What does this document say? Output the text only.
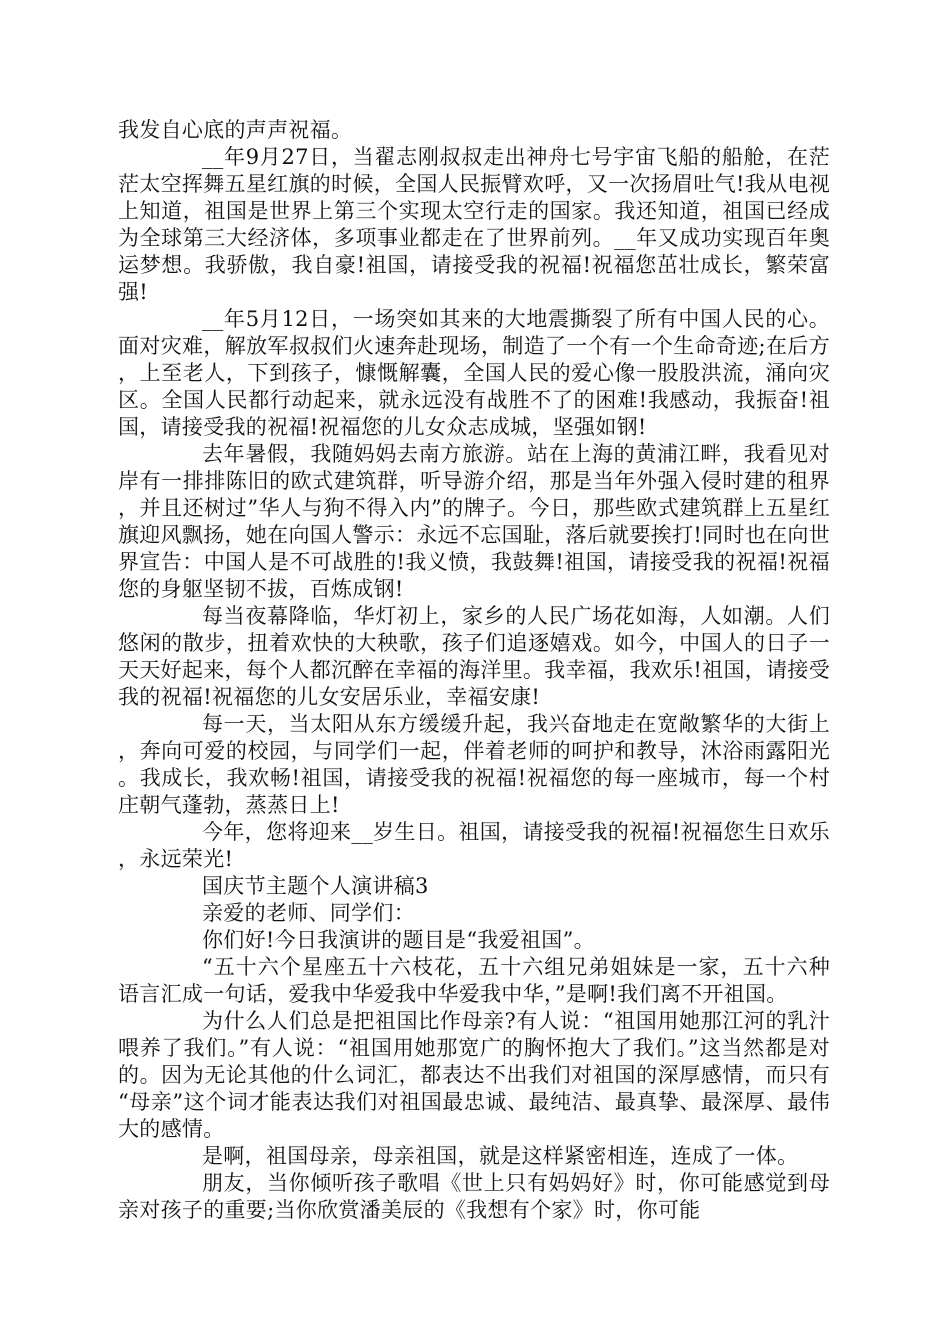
我发自心底的声声祝福。

__年9月27日，当翟志刚叔叔走出神舟七号宇宙飞船的船舱，在茫茫太空挥舞五星红旗的时候，全国人民振臂欢呼，又一次扬眉吐气!我从电视上知道，祖国是世界上第三个实现太空行走的国家。我还知道，祖国已经成为全球第三大经济体，多项事业都走在了世界前列。__年又成功实现百年奥运梦想。我骄傲，我自豪!祖国，请接受我的祝福!祝福您茁壮成长，繁荣富强!

__年5月12日，一场突如其来的大地震撕裂了所有中国人民的心。面对灾难，解放军叔叔们火速奔赴现场，制造了一个有一个生命奇迹;在后方，上至老人，下到孩子，慷慨解囊，全国人民的爱心像一股股洪流，涌向灾区。全国人民都行动起来，就永远没有战胜不了的困难!我感动，我振奋!祖国，请接受我的祝福!祝福您的儿女众志成城，坚强如钢!

去年暑假，我随妈妈去南方旅游。站在上海的黄浦江畔，我看见对岸有一排排陈旧的欧式建筑群，听导游介绍，那是当年外强入侵时建的租界，并且还树过”华人与狗不得入内”的牌子。今日，那些欧式建筑群上五星红旗迎风飘扬，她在向国人警示：永远不忘国耻，落后就要挨打!同时也在向世界宣告：中国人是不可战胜的!我义愤，我鼓舞!祖国，请接受我的祝福!祝福您的身躯坚韧不拔，百炼成钢!

每当夜幕降临，华灯初上，家乡的人民广场花如海，人如潮。人们悠闲的散步，扭着欢快的大秧歌，孩子们追逐嬉戏。如今，中国人的日子一天天好起来，每个人都沉醉在幸福的海洋里。我幸福，我欢乐!祖国，请接受我的祝福!祝福您的儿女安居乐业，幸福安康!

每一天，当太阳从东方缓缓升起，我兴奋地走在宽敞繁华的大街上，奔向可爱的校园，与同学们一起，伴着老师的呵护和教导，沐浴雨露阳光。我成长，我欢畅!祖国，请接受我的祝福!祝福您的每一座城市，每一个村庄朝气蓬勃，蒸蒸日上!

今年，您将迎来__岁生日。祖国，请接受我的祝福!祝福您生日欢乐，永远荣光!

国庆节主题个人演讲稿3

亲爱的老师、同学们：

你们好!今日我演讲的题目是“我爱祖国”。

“五十六个星座五十六枝花，五十六组兄弟姐妹是一家，五十六种语言汇成一句话，爱我中华爱我中华爱我中华，”是啊!我们离不开祖国。

为什么人们总是把祖国比作母亲?有人说：“祖国用她那江河的乳汁喂养了我们。”有人说：“祖国用她那宽广的胸怀抱大了我们。”这当然都是对的。因为无论其他的什么词汇，都表达不出我们对祖国的深厚感情，而只有“母亲”这个词才能表达我们对祖国最忠诚、最纯洁、最真挚、最深厚、最伟大的感情。

是啊，祖国母亲，母亲祖国，就是这样紧密相连，连成了一体。

朋友，当你倾听孩子歌唱《世上只有妈妈好》时，你可能感觉到母亲对孩子的重要;当你欣赏潘美辰的《我想有个家》时，你可能
